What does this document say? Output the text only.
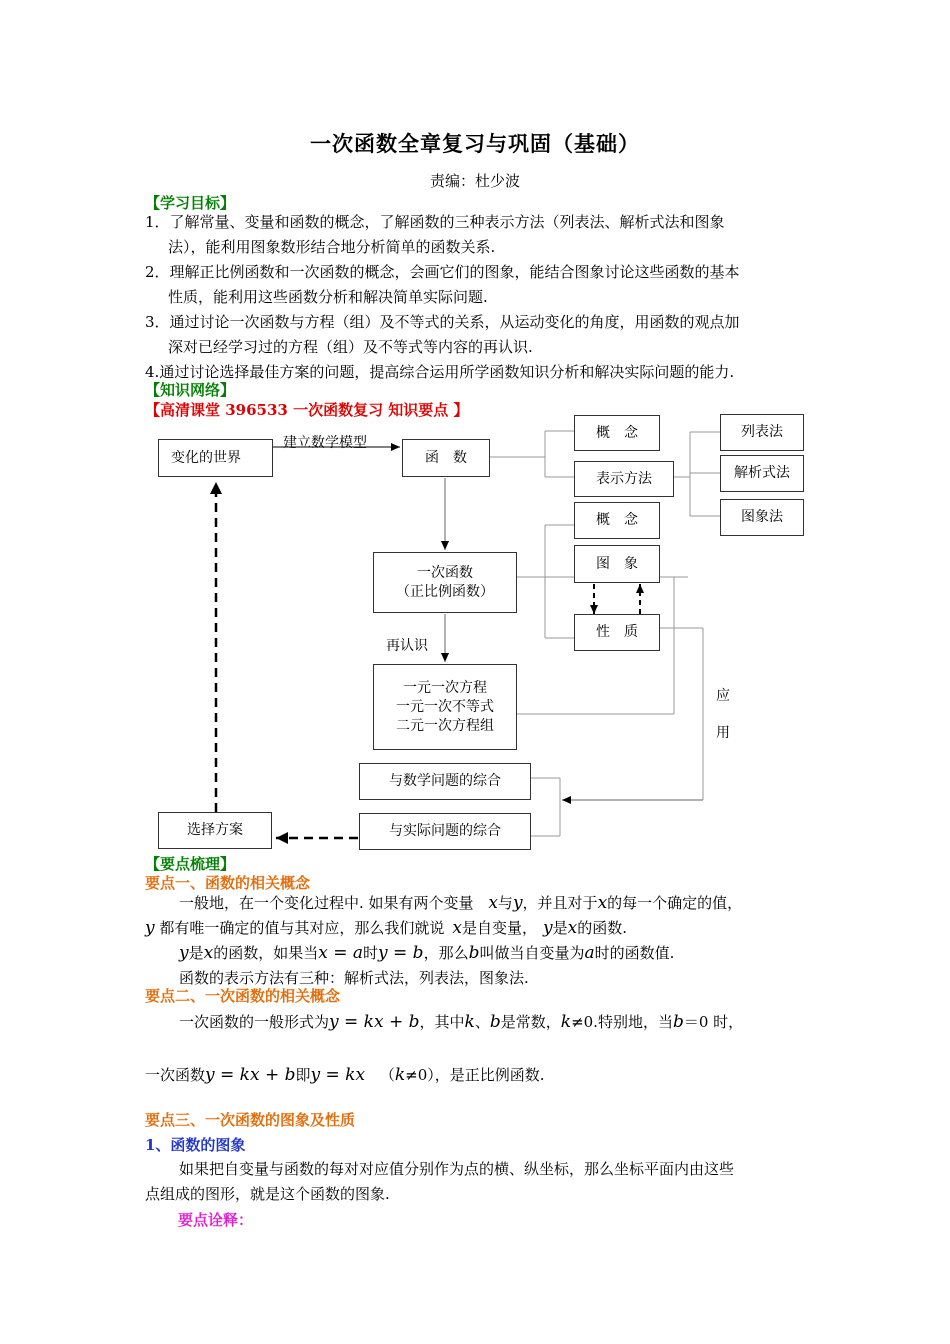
一次函数全章复习与巩固（基础）
责编：杜少波
【学习目标】
1．了解常量、变量和函数的概念，了解函数的三种表示方法（列表法、解析式法和图象
法），能利用图象数形结合地分析简单的函数关系.
2．理解正比例函数和一次函数的概念，会画它们的图象，能结合图象讨论这些函数的基本
性质，能利用这些函数分析和解决简单实际问题.
3．通过讨论一次函数与方程（组）及不等式的关系，从运动变化的角度，用函数的观点加
深对已经学习过的方程（组）及不等式等内容的再认识.
4.通过讨论选择最佳方案的问题，提高综合运用所学函数知识分析和解决实际问题的能力.
【知识网络】
【高清课堂 396533 一次函数复习 知识要点 】
变化的世界
建立数学模型
函　数
概　念
表示方法
列表法
解析式法
图象法
一次函数
（正比例函数）
概　念
图　象
性　质
再认识
一元一次方程
一元一次不等式
二元一次方程组
应
用
与数学问题的综合
与实际问题的综合
选择方案
【要点梳理】
要点一、函数的相关概念
一般地，在一个变化过程中. 如果有两个变量 x与y，并且对于x的每一个确定的值，
y 都有唯一确定的值与其对应，那么我们就说 x是自变量， y是x的函数.
y是x的函数，如果当x = a时y = b，那么b叫做当自变量为a时的函数值.
函数的表示方法有三种：解析式法，列表法，图象法.
要点二、一次函数的相关概念
一次函数的一般形式为y = kx + b，其中k、b是常数，k≠0.特别地，当b＝0 时，
一次函数y = kx + b即y = kx （k≠0），是正比例函数.
要点三、一次函数的图象及性质
1、函数的图象
如果把自变量与函数的每对对应值分别作为点的横、纵坐标，那么坐标平面内由这些
点组成的图形，就是这个函数的图象.
要点诠释：
